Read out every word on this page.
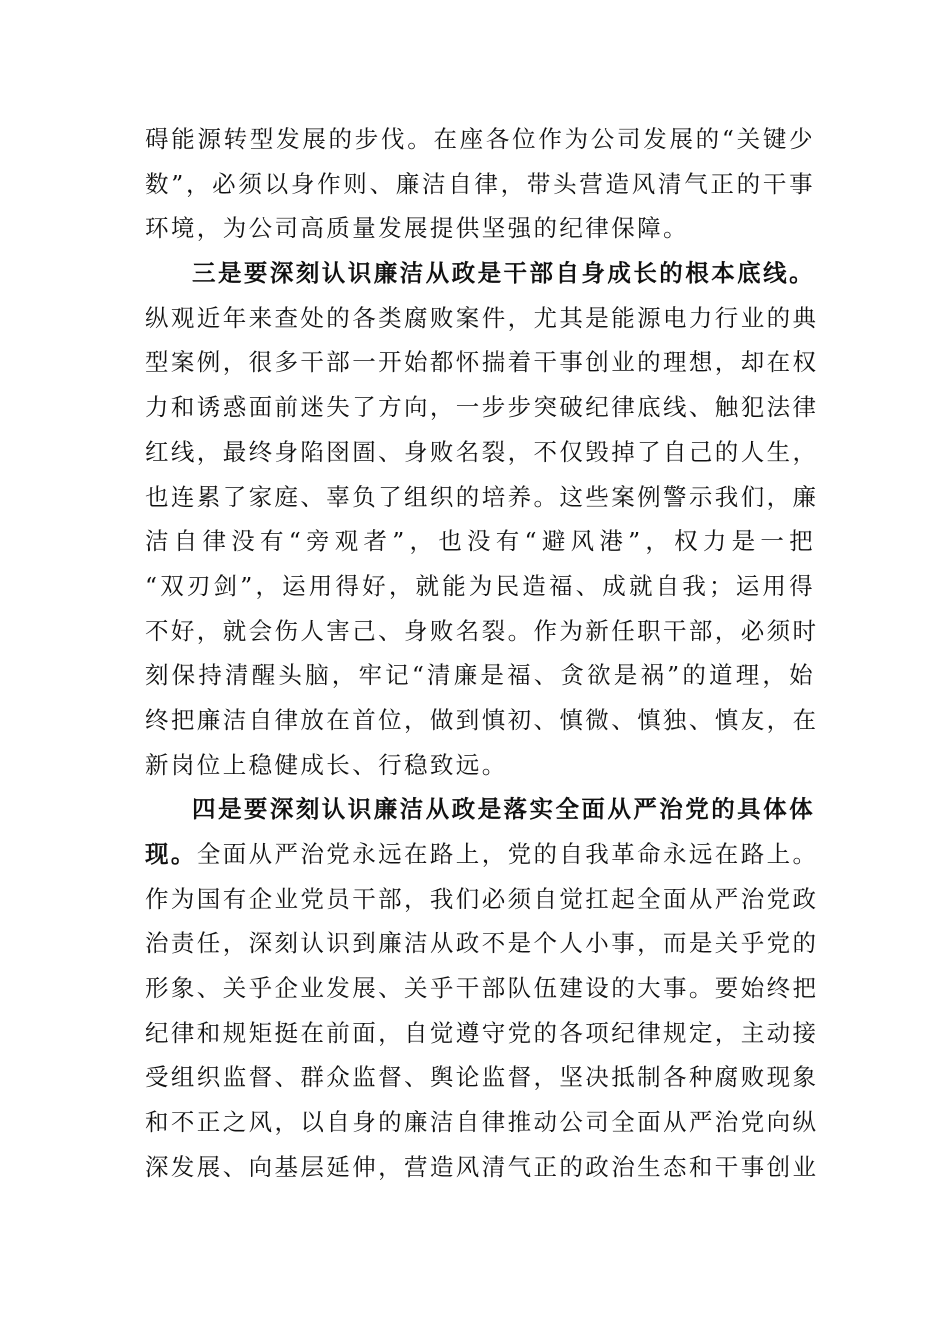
碍能源转型发展的步伐。在座各位作为公司发展的“关键少
数”，必须以身作则、廉洁自律，带头营造风清气正的干事
环境，为公司高质量发展提供坚强的纪律保障。
三是要深刻认识廉洁从政是干部自身成长的根本底线。
纵观近年来查处的各类腐败案件，尤其是能源电力行业的典
型案例，很多干部一开始都怀揣着干事创业的理想，却在权
力和诱惑面前迷失了方向，一步步突破纪律底线、触犯法律
红线，最终身陷囹圄、身败名裂，不仅毁掉了自己的人生，
也连累了家庭、辜负了组织的培养。这些案例警示我们，廉
洁自律没有“旁观者”，也没有“避风港”，权力是一把
“双刃剑”，运用得好，就能为民造福、成就自我；运用得
不好，就会伤人害己、身败名裂。作为新任职干部，必须时
刻保持清醒头脑，牢记“清廉是福、贪欲是祸”的道理，始
终把廉洁自律放在首位，做到慎初、慎微、慎独、慎友，在
新岗位上稳健成长、行稳致远。
四是要深刻认识廉洁从政是落实全面从严治党的具体体
现。全面从严治党永远在路上，党的自我革命永远在路上。
作为国有企业党员干部，我们必须自觉扛起全面从严治党政
治责任，深刻认识到廉洁从政不是个人小事，而是关乎党的
形象、关乎企业发展、关乎干部队伍建设的大事。要始终把
纪律和规矩挺在前面，自觉遵守党的各项纪律规定，主动接
受组织监督、群众监督、舆论监督，坚决抵制各种腐败现象
和不正之风，以自身的廉洁自律推动公司全面从严治党向纵
深发展、向基层延伸，营造风清气正的政治生态和干事创业
